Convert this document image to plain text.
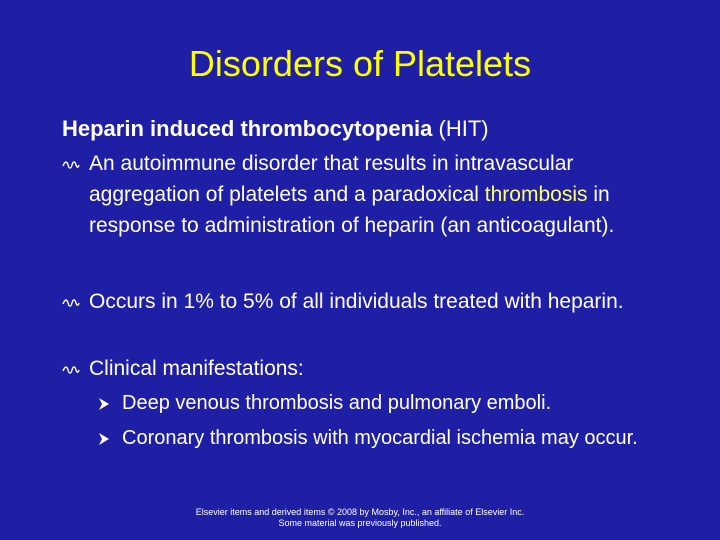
Disorders of Platelets
Heparin induced thrombocytopenia (HIT)
An autoimmune disorder that results in intravascular aggregation of platelets and a paradoxical thrombosis in response to administration of heparin (an anticoagulant).
Occurs in 1% to 5% of all individuals treated with heparin.
Clinical manifestations:
Deep venous thrombosis and pulmonary emboli.
Coronary thrombosis with myocardial ischemia may occur.
Elsevier items and derived items © 2008 by Mosby, Inc., an affiliate of Elsevier Inc.
Some material was previously published.
